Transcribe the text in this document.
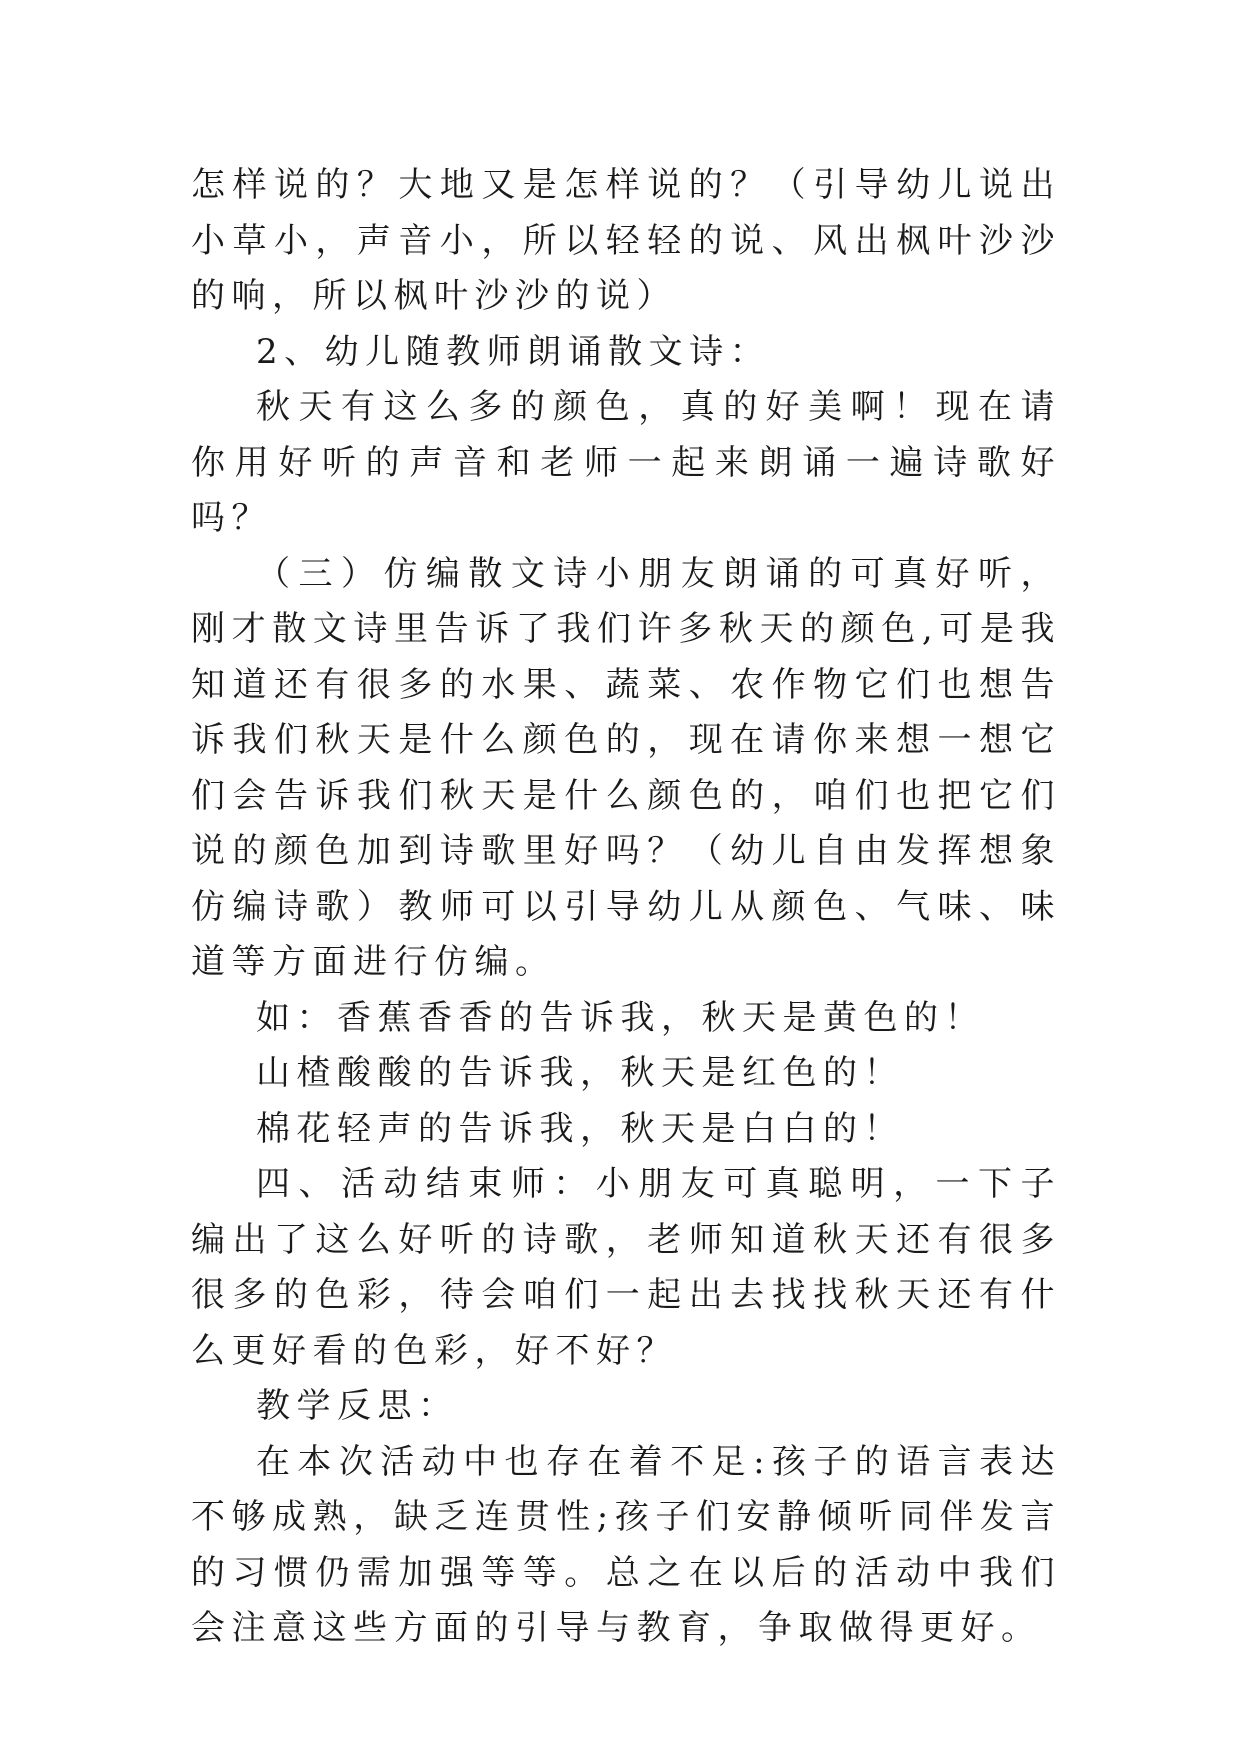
怎样说的？大地又是怎样说的？（引导幼儿说出小草小，声音小，所以轻轻的说、风出枫叶沙沙的响，所以枫叶沙沙的说）

2、幼儿随教师朗诵散文诗：

秋天有这么多的颜色，真的好美啊！现在请你用好听的声音和老师一起来朗诵一遍诗歌好吗？

（三）仿编散文诗小朋友朗诵的可真好听，刚才散文诗里告诉了我们许多秋天的颜色,可是我知道还有很多的水果、蔬菜、农作物它们也想告诉我们秋天是什么颜色的，现在请你来想一想它们会告诉我们秋天是什么颜色的，咱们也把它们说的颜色加到诗歌里好吗？（幼儿自由发挥想象仿编诗歌）教师可以引导幼儿从颜色、气味、味道等方面进行仿编。

如：香蕉香香的告诉我，秋天是黄色的！

山楂酸酸的告诉我，秋天是红色的！

棉花轻声的告诉我，秋天是白白的！

四、活动结束师：小朋友可真聪明，一下子编出了这么好听的诗歌，老师知道秋天还有很多很多的色彩，待会咱们一起出去找找秋天还有什么更好看的色彩，好不好？

教学反思：

在本次活动中也存在着不足:孩子的语言表达不够成熟，缺乏连贯性;孩子们安静倾听同伴发言的习惯仍需加强等等。总之在以后的活动中我们会注意这些方面的引导与教育，争取做得更好。
